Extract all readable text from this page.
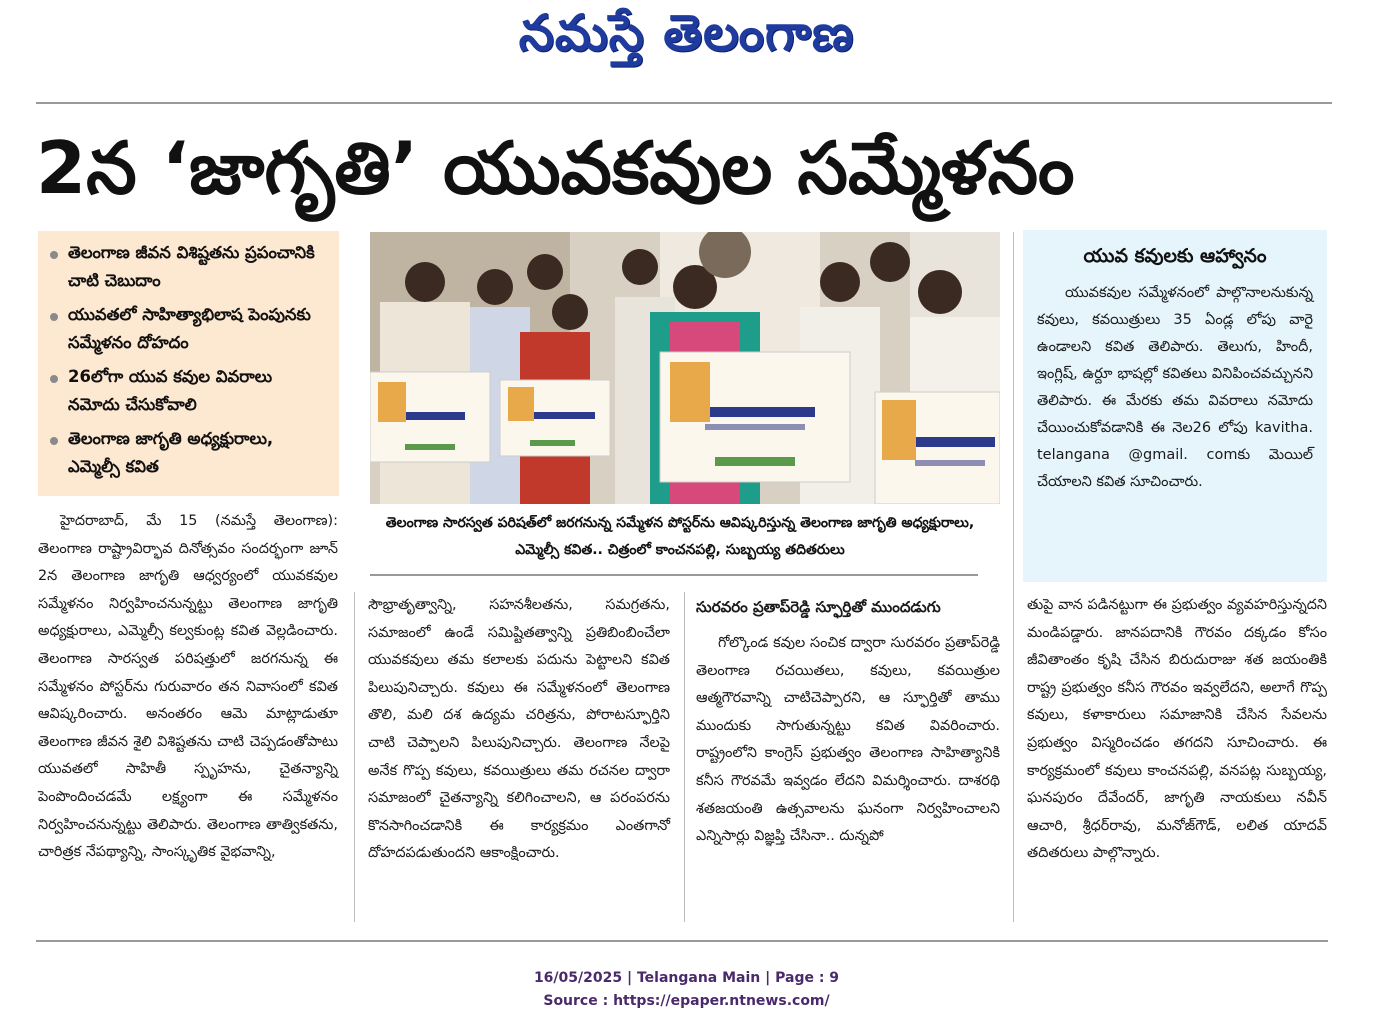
నమస్తే తెలంగాణ
2న ‘జాగృతి’ యువకవుల సమ్మేళనం
తెలంగాణ జీవన విశిష్టతను ప్రపంచానికి చాటి చెబుదాం
యువతలో సాహిత్యాభిలాష పెంపునకు సమ్మేళనం దోహదం
26లోగా యువ కవుల వివరాలు నమోదు చేసుకోవాలి
తెలంగాణ జాగృతి అధ్యక్షురాలు, ఎమ్మెల్సీ కవిత
తెలంగాణ సారస్వత పరిషత్‌లో జరగనున్న సమ్మేళన పోస్టర్‌ను ఆవిష్కరిస్తున్న తెలంగాణ జాగృతి అధ్యక్షురాలు, ఎమ్మెల్సీ కవిత.. చిత్రంలో కాంచనపల్లి, సుబ్బయ్య తదితరులు
యువ కవులకు ఆహ్వానం
యువకవుల సమ్మేళనంలో పాల్గొనాలనుకున్న కవులు, కవయిత్రులు 35 ఏండ్ల లోపు వారై ఉండాలని కవిత తెలిపారు. తెలుగు, హిందీ, ఇంగ్లిష్, ఉర్దూ భాషల్లో కవితలు వినిపించవచ్చునని తెలిపారు. ఈ మేరకు తమ వివరాలు నమోదు చేయించుకోవడానికి ఈ నెల26 లోపు kavitha. telangana @gmail. comకు మెయిల్ చేయాలని కవిత సూచించారు.
హైదరాబాద్, మే 15 (నమస్తే తెలంగాణ): తెలంగాణ రాష్ట్రావిర్భావ దినోత్సవం సందర్భంగా జూన్ 2న తెలంగాణ జాగృతి ఆధ్వర్యంలో యువకవుల సమ్మేళనం నిర్వహించనున్నట్టు తెలంగాణ జాగృతి అధ్యక్షురాలు, ఎమ్మెల్సీ కల్వకుంట్ల కవిత వెల్లడించారు. తెలంగాణ సారస్వత పరిషత్తులో జరగనున్న ఈ సమ్మేళనం పోస్టర్‌ను గురువారం తన నివాసంలో కవిత ఆవిష్కరించారు. అనంతరం ఆమె మాట్లాడుతూ తెలంగాణ జీవన శైలి విశిష్టతను చాటి చెప్పడంతోపాటు యువతలో సాహితీ స్పృహను, చైతన్యాన్ని పెంపొందించడమే లక్ష్యంగా ఈ సమ్మేళనం నిర్వహించనున్నట్టు తెలిపారు. తెలంగాణ తాత్వికతను, చారిత్రక నేపథ్యాన్ని, సాంస్కృతిక వైభవాన్ని,
సౌభ్రాతృత్వాన్ని, సహనశీలతను, సమగ్రతను, సమాజంలో ఉండే సమిష్టితత్వాన్ని ప్రతిబింబించేలా యువకవులు తమ కలాలకు పదును పెట్టాలని కవిత పిలుపునిచ్చారు. కవులు ఈ సమ్మేళనంలో తెలంగాణ తొలి, మలి దశ ఉద్యమ చరిత్రను, పోరాటస్ఫూర్తిని చాటి చెప్పాలని పిలుపునిచ్చారు. తెలంగాణ నేలపై అనేక గొప్ప కవులు, కవయిత్రులు తమ రచనల ద్వారా సమాజంలో చైతన్యాన్ని కలిగించాలని, ఆ పరంపరను కొనసాగించడానికి ఈ కార్యక్రమం ఎంతగానో దోహదపడుతుందని ఆకాంక్షించారు.
సురవరం ప్రతాప్‌రెడ్డి స్ఫూర్తితో ముందడుగు
గోల్కొండ కవుల సంచిక ద్వారా సురవరం ప్రతాప్‌రెడ్డి తెలంగాణ రచయితలు, కవులు, కవయిత్రుల ఆత్మగౌరవాన్ని చాటిచెప్పారని, ఆ స్ఫూర్తితో తాము ముందుకు సాగుతున్నట్టు కవిత వివరించారు. రాష్ట్రంలోని కాంగ్రెస్ ప్రభుత్వం తెలంగాణ సాహిత్యానికి కనీస గౌరవమే ఇవ్వడం లేదని విమర్శించారు. దాశరథి శతజయంతి ఉత్సవాలను ఘనంగా నిర్వహించాలని ఎన్నిసార్లు విజ్ఞప్తి చేసినా.. దున్నపో
తుపై వాన పడినట్టుగా ఈ ప్రభుత్వం వ్యవహరిస్తున్నదని మండిపడ్డారు. జానపదానికి గౌరవం దక్కడం కోసం జీవితాంతం కృషి చేసిన బిరుదురాజు శత జయంతికి రాష్ట్ర ప్రభుత్వం కనీస గౌరవం ఇవ్వలేదని, అలాగే గొప్ప కవులు, కళాకారులు సమాజానికి చేసిన సేవలను ప్రభుత్వం విస్మరించడం తగదని సూచించారు. ఈ కార్యక్రమంలో కవులు కాంచనపల్లి, వనపట్ల సుబ్బయ్య, ఘనపురం దేవేందర్, జాగృతి నాయకులు నవీన్ ఆచారి, శ్రీధర్‌రావు, మనోజ్‌గౌడ్, లలిత యాదవ్ తదితరులు పాల్గొన్నారు.
16/05/2025 | Telangana Main | Page : 9
Source : https://epaper.ntnews.com/
